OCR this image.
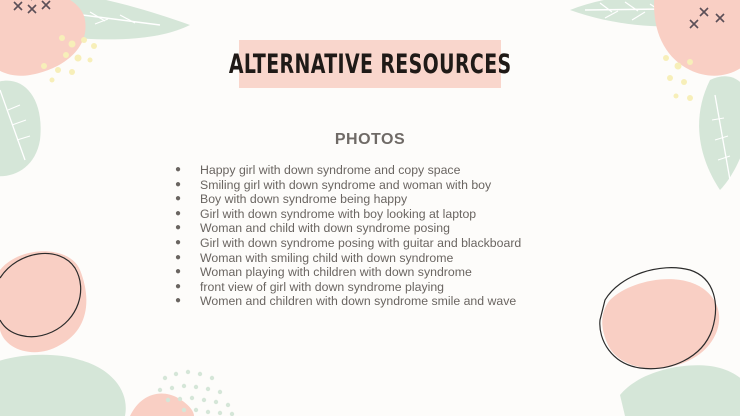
ALTERNATIVE RESOURCES
PHOTOS
● Happy girl with down syndrome and copy space
● Smiling girl with down syndrome and woman with boy
● Boy with down syndrome being happy
● Girl with down syndrome with boy looking at laptop
● Woman and child with down syndrome posing
● Girl with down syndrome posing with guitar and blackboard
● Woman with smiling child with down syndrome
● Woman playing with children with down syndrome
● front view of girl with down syndrome playing
● Women and children with down syndrome smile and wave
